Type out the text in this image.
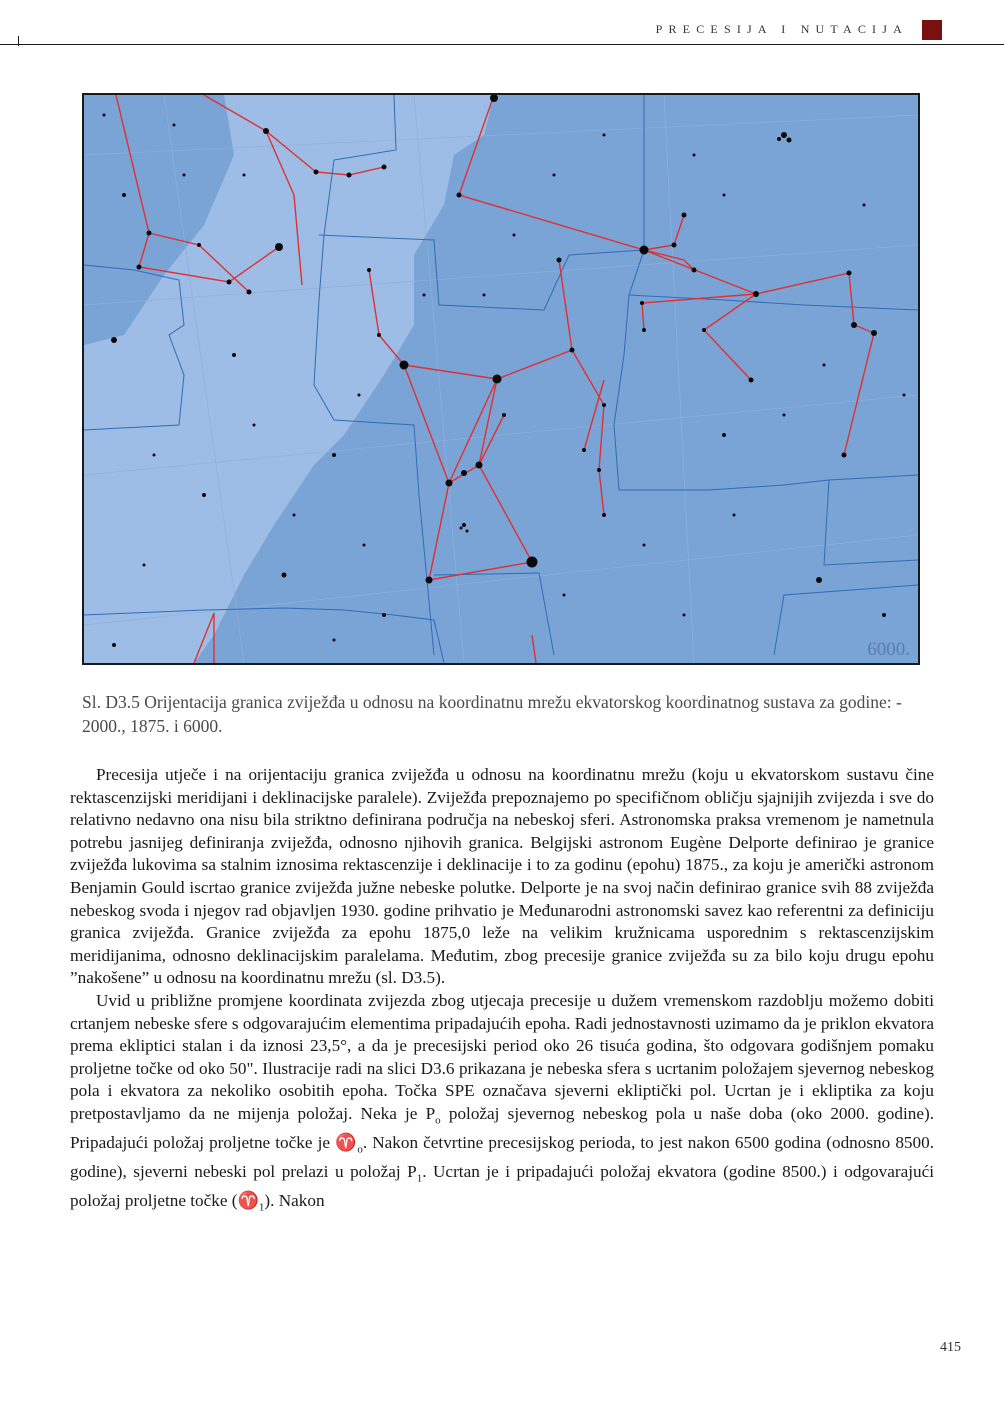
PRECESIJA I NUTACIJA
6000.
Sl. D3.5 Orijentacija granica zviježđa u odnosu na koordinatnu mrežu ekvatorskog koordinatnog sustava za godine: - 2000., 1875. i 6000.

Precesija utječe i na orijentaciju granica zviježđa u odnosu na koordinatnu mrežu (koju u ekvatorskom sustavu čine rektascenzijski meridijani i deklinacijske paralele). Zviježđa prepoznajemo po specifičnom obličju sjajnijih zvijezda i sve do relativno nedavno ona nisu bila striktno definirana područja na nebeskoj sferi. Astronomska praksa vremenom je nametnula potrebu jasnijeg definiranja zviježđa, odnosno njihovih granica. Belgijski astronom Eugène Delporte definirao je granice zviježđa lukovima sa stalnim iznosima rektascenzije i deklinacije i to za godinu (epohu) 1875., za koju je američki astronom Benjamin Gould iscrtao granice zviježđa južne nebeske polutke. Delporte je na svoj način definirao granice svih 88 zviježđa nebeskog svoda i njegov rad objavljen 1930. godine prihvatio je Međunarodni astronomski savez kao referentni za definiciju granica zviježđa. Granice zviježđa za epohu 1875,0 leže na velikim kružnicama usporednim s rektascenzijskim meridijanima, odnosno deklinacijskim paralelama. Međutim, zbog precesije granice zviježđa su za bilo koju drugu epohu ”nakošene” u odnosu na koordinatnu mrežu (sl. D3.5).

Uvid u približne promjene koordinata zvijezda zbog utjecaja precesije u dužem vremenskom razdoblju možemo dobiti crtanjem nebeske sfere s odgovarajućim elementima pripadajućih epoha. Radi jednostavnosti uzimamo da je priklon ekvatora prema ekliptici stalan i da iznosi 23,5°, a da je precesijski period oko 26 tisuća godina, što odgovara godišnjem pomaku proljetne točke od oko 50". Ilustracije radi na slici D3.6 prikazana je nebeska sfera s ucrtanim položajem sjevernog nebeskog pola i ekvatora za nekoliko osobitih epoha. Točka SPE označava sjeverni ekliptički pol. Ucrtan je i ekliptika za koju pretpostavljamo da ne mijenja položaj. Neka je $P_o$ položaj sjevernog nebeskog pola u naše doba (oko 2000. godine). Pripadajući položaj proljetne točke je $♈_o$. Nakon četvrtine precesijskog perioda, to jest nakon 6500 godina (odnosno 8500. godine), sjeverni nebeski pol prelazi u položaj $P_1$. Ucrtan je i pripadajući položaj ekvatora (godine 8500.) i odgovarajući položaj proljetne točke $(♈_1)$. Nakon

415
